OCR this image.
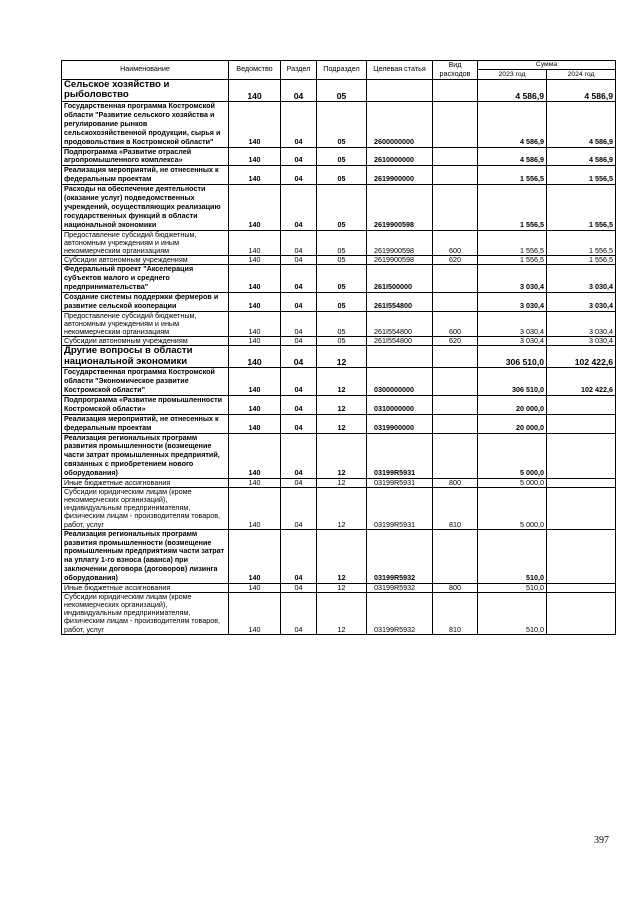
Наименование	Ведомство	Раздел	Подраздел	Целевая статья	Вид расходов	Сумма	
						2023 год	2024 год
Сельское хозяйство и рыболовство	140	04	05			4 586,9	4 586,9
Государственная программа Костромской области "Развитие сельского хозяйства и регулирование рынков сельскохозяйственной продукции, сырья и продовольствия в Костромской области"	140	04	05	2600000000		4 586,9	4 586,9
Подпрограмма «Развитие отраслей агропромышленного комплекса»	140	04	05	2610000000		4 586,9	4 586,9
Реализация мероприятий, не отнесенных к федеральным проектам	140	04	05	2619900000		1 556,5	1 556,5
Расходы на обеспечение деятельности (оказание услуг) подведомственных учреждений, осуществляющих реализацию государственных функций в области национальной экономики	140	04	05	2619900598		1 556,5	1 556,5
Предоставление субсидий бюджетным, автономным учреждениям и иным некоммерческим организациям	140	04	05	2619900598	600	1 556,5	1 556,5
Субсидии автономным учреждениям	140	04	05	2619900598	620	1 556,5	1 556,5
Федеральный проект "Акселерация субъектов малого и среднего предпринимательства"	140	04	05	261I500000		3 030,4	3 030,4
Создание системы поддержки фермеров и развитие сельской кооперации	140	04	05	261I554800		3 030,4	3 030,4
Предоставление субсидий бюджетным, автономным учреждениям и иным некоммерческим организациям	140	04	05	261I554800	600	3 030,4	3 030,4
Субсидии автономным учреждениям	140	04	05	261I554800	620	3 030,4	3 030,4
Другие вопросы в области национальной экономики	140	04	12			306 510,0	102 422,6
Государственная программа Костромской области "Экономическое развитие Костромской области"	140	04	12	0300000000		306 510,0	102 422,6
Подпрограмма «Развитие промышленности Костромской области»	140	04	12	0310000000		20 000,0	
Реализация мероприятий, не отнесенных к федеральным проектам	140	04	12	0319900000		20 000,0	
Реализация региональных программ развития промышленности (возмещение части затрат промышленных предприятий, связанных с приобретением нового оборудования)	140	04	12	03199R5931		5 000,0	
Иные бюджетные ассигнования	140	04	12	03199R5931	800	5 000,0	
Субсидии юридическим лицам (кроме некоммерческих организаций), индивидуальным предпринимателям, физическим лицам - производителям товаров, работ, услуг	140	04	12	03199R5931	810	5 000,0	
Реализация региональных программ развития промышленности (возмещение промышленным предприятиям части затрат на уплату 1-го взноса (аванса) при заключении договора (договоров) лизинга оборудования)	140	04	12	03199R5932		510,0	
Иные бюджетные ассигнования	140	04	12	03199R5932	800	510,0	
Субсидии юридическим лицам (кроме некоммерческих организаций), индивидуальным предпринимателям, физическим лицам - производителям товаров, работ, услуг	140	04	12	03199R5932	810	510,0	
397
